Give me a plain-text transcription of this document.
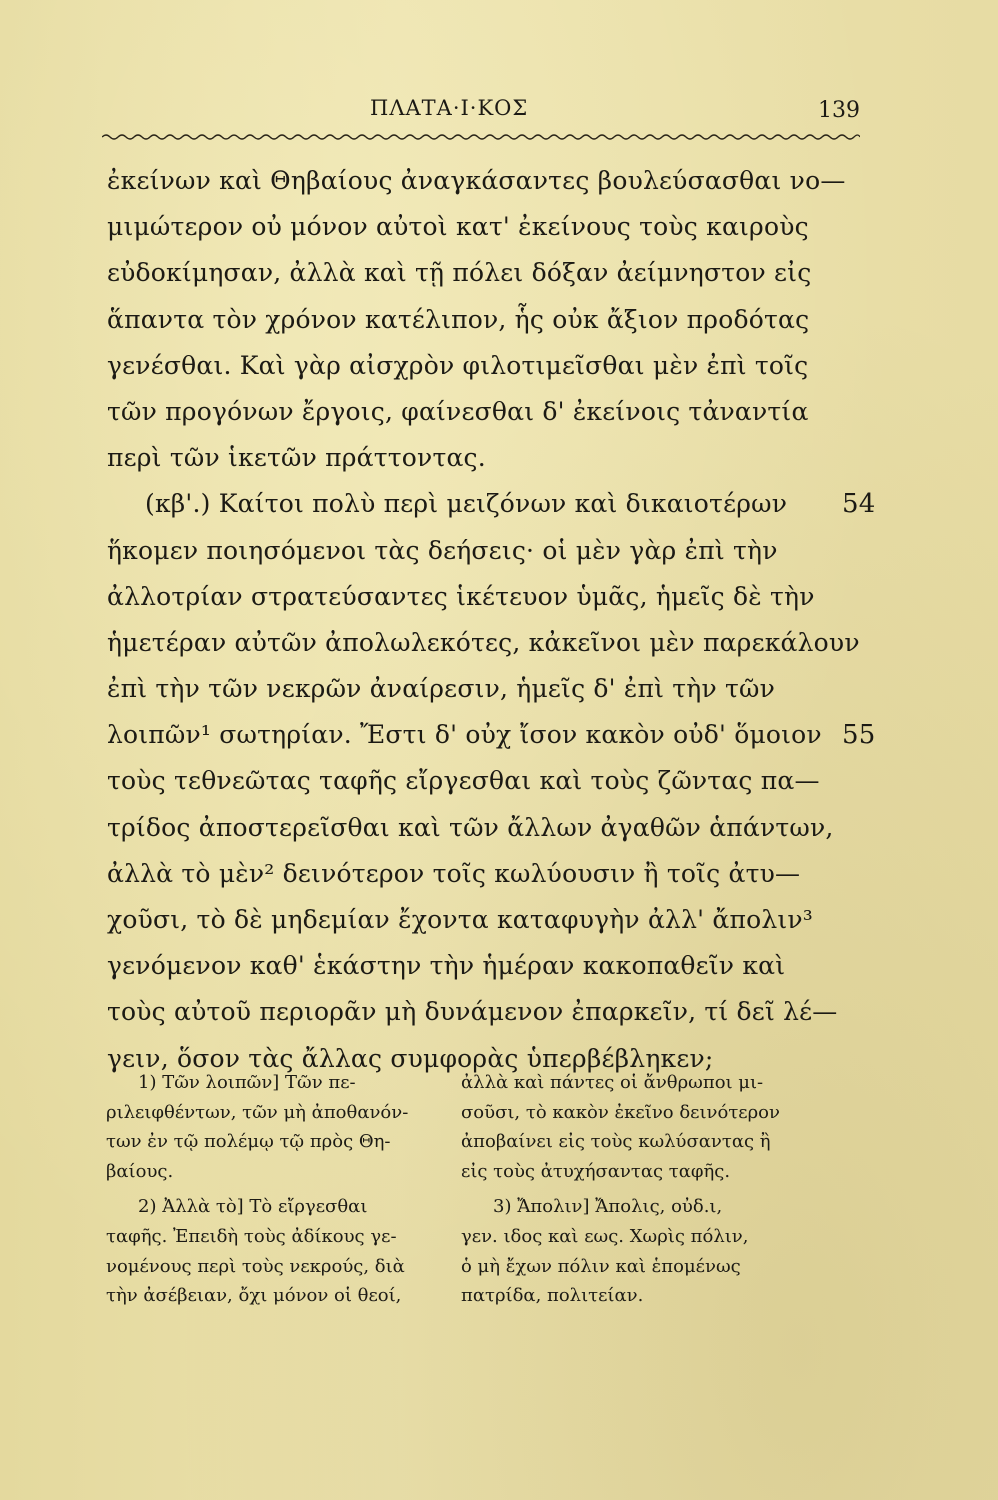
ΠΛΑΤΑ·Ι·ΚΟΣ	139
ἐκείνων καὶ Θηβαίους ἀναγκάσαντες βουλεύσασθαι νο—
μιμώτερον οὐ μόνον αὐτοὶ κατ' ἐκείνους τοὺς καιροὺς
εὐδοκίμησαν, ἀλλὰ καὶ τῇ πόλει δόξαν ἀείμνηστον εἰς
ἅπαντα τὸν χρόνον κατέλιπον, ἧς οὐκ ἄξιον προδότας
γενέσθαι. Καὶ γὰρ αἰσχρὸν φιλοτιμεῖσθαι μὲν ἐπὶ τοῖς
τῶν προγόνων ἔργοις, φαίνεσθαι δ' ἐκείνοις τἀναντία
περὶ τῶν ἱκετῶν πράττοντας.
(κβ'.) Καίτοι πολὺ περὶ μειζόνων καὶ δικαιοτέρων 54
ἥκομεν ποιησόμενοι τὰς δεήσεις· οἱ μὲν γὰρ ἐπὶ τὴν
ἀλλοτρίαν στρατεύσαντες ἱκέτευον ὑμᾶς, ἡμεῖς δὲ τὴν
ἡμετέραν αὐτῶν ἀπολωλεκότες, κἀκεῖνοι μὲν παρεκάλουν
ἐπὶ τὴν τῶν νεκρῶν ἀναίρεσιν, ἡμεῖς δ' ἐπὶ τὴν τῶν
λοιπῶν¹ σωτηρίαν. Ἔστι δ' οὐχ ἴσον κακὸν οὐδ' ὅμοιον 55
τοὺς τεθνεῶτας ταφῆς εἴργεσθαι καὶ τοὺς ζῶντας πα—
τρίδος ἀποστερεῖσθαι καὶ τῶν ἄλλων ἀγαθῶν ἁπάντων,
ἀλλὰ τὸ μὲν² δεινότερον τοῖς κωλύουσιν ἢ τοῖς ἀτυ—
χοῦσι, τὸ δὲ μηδεμίαν ἔχοντα καταφυγὴν ἀλλ' ἄπολιν³
γενόμενον καθ' ἑκάστην τὴν ἡμέραν κακοπαθεῖν καὶ
τοὺς αὐτοῦ περιορᾶν μὴ δυνάμενον ἐπαρκεῖν, τί δεῖ λέ—
γειν, ὅσον τὰς ἄλλας συμφορὰς ὑπερβέβληκεν;
1) Τῶν λοιπῶν] Τῶν πε-
ριλειφθέντων, τῶν μὴ ἀποθανόν-
των ἐν τῷ πολέμῳ τῷ πρὸς Θη-
βαίους.
2) Ἀλλὰ τὸ] Τὸ εἴργεσθαι
ταφῆς. Ἐπειδὴ τοὺς ἀδίκους γε-
νομένους περὶ τοὺς νεκρούς, διὰ
τὴν ἀσέβειαν, ὄχι μόνον οἱ θεοί,
ἀλλὰ καὶ πάντες οἱ ἄνθρωποι μι-
σοῦσι, τὸ κακὸν ἐκεῖνο δεινότερον
ἀποβαίνει εἰς τοὺς κωλύσαντας ἢ
εἰς τοὺς ἀτυχήσαντας ταφῆς.
3) Ἄπολιν] Ἄπολις, οὐδ.ι,
γεν. ιδος καὶ εως. Χωρὶς πόλιν,
ὁ μὴ ἔχων πόλιν καὶ ἑπομένως
πατρίδα, πολιτείαν.
